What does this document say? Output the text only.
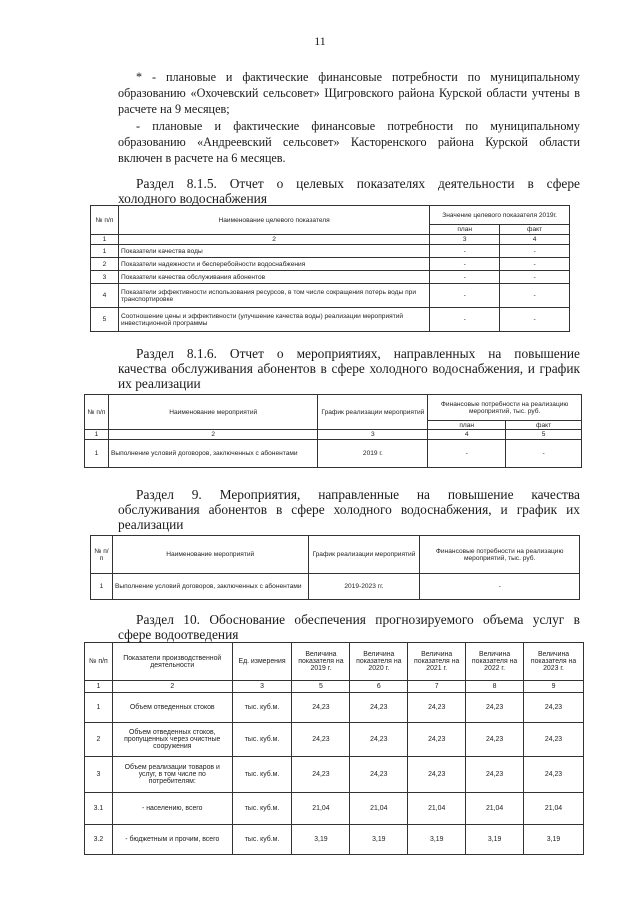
11
* - плановые и фактические финансовые потребности по муниципальному
образованию «Охочевский сельсовет» Щигровского района Курской области учтены в
расчете на 9 месяцев;
- плановые и фактические финансовые потребности по муниципальному
образованию «Андреевский сельсовет» Касторенского района Курской области
включен в расчете на 6 месяцев.
Раздел 8.1.5. Отчет о целевых показателях деятельности в сфере
холодного водоснабжения
№ п/п	Наименование целевого показателя	Значение целевого показателя 2019г.	
		план	факт
1	2	3	4
1	Показатели качества воды	-	-
2	Показатели надежности и бесперебойности водоснабжения	-	-
3	Показатели качества обслуживания абонентов	-	-
4	Показатели эффективности использования ресурсов, в том числе сокращения потерь воды при транспортировке	-	-
5	Соотношение цены и эффективности (улучшение качества воды) реализации мероприятий инвестиционной программы	-	-
Раздел 8.1.6. Отчет о мероприятиях, направленных на повышение
качества обслуживания абонентов в сфере холодного водоснабжения, и график
их реализации
№ п/п	Наименование мероприятий	График реализации мероприятий	Финансовые потребности на реализацию мероприятий, тыс. руб.	
			план	факт
1	2	3	4	5
1	Выполнение условий договоров, заключенных с абонентами	2019 г.	-	-
Раздел 9. Мероприятия, направленные на повышение качества
обслуживания абонентов в сфере холодного водоснабжения, и график их
реализации
№ п/п	Наименование мероприятий	График реализации мероприятий	Финансовые потребности на реализацию мероприятий, тыс. руб.
1	Выполнение условий договоров, заключенных с абонентами	2019-2023 гг.	-
Раздел 10. Обоснование обеспечения прогнозируемого объема услуг в
сфере водоотведения
№ п/п	Показатели производственной деятельности	Ед. измерения	Величина показателя на 2019 г.	Величина показателя на 2020 г.	Величина показателя на 2021 г.	Величина показателя на 2022 г.	Величина показателя на 2023 г.
1	2	3	5	6	7	8	9
1	Объем отведенных стоков	тыс. куб.м.	24,23	24,23	24,23	24,23	24,23
2	Объем отведенных стоков, пропущенных через очистные сооружения	тыс. куб.м.	24,23	24,23	24,23	24,23	24,23
3	Объем реализации товаров и услуг, в том числе по потребителям:	тыс. куб.м.	24,23	24,23	24,23	24,23	24,23
3.1	- населению, всего	тыс. куб.м.	21,04	21,04	21,04	21,04	21,04
3.2	- бюджетным и прочим, всего	тыс. куб.м.	3,19	3,19	3,19	3,19	3,19
